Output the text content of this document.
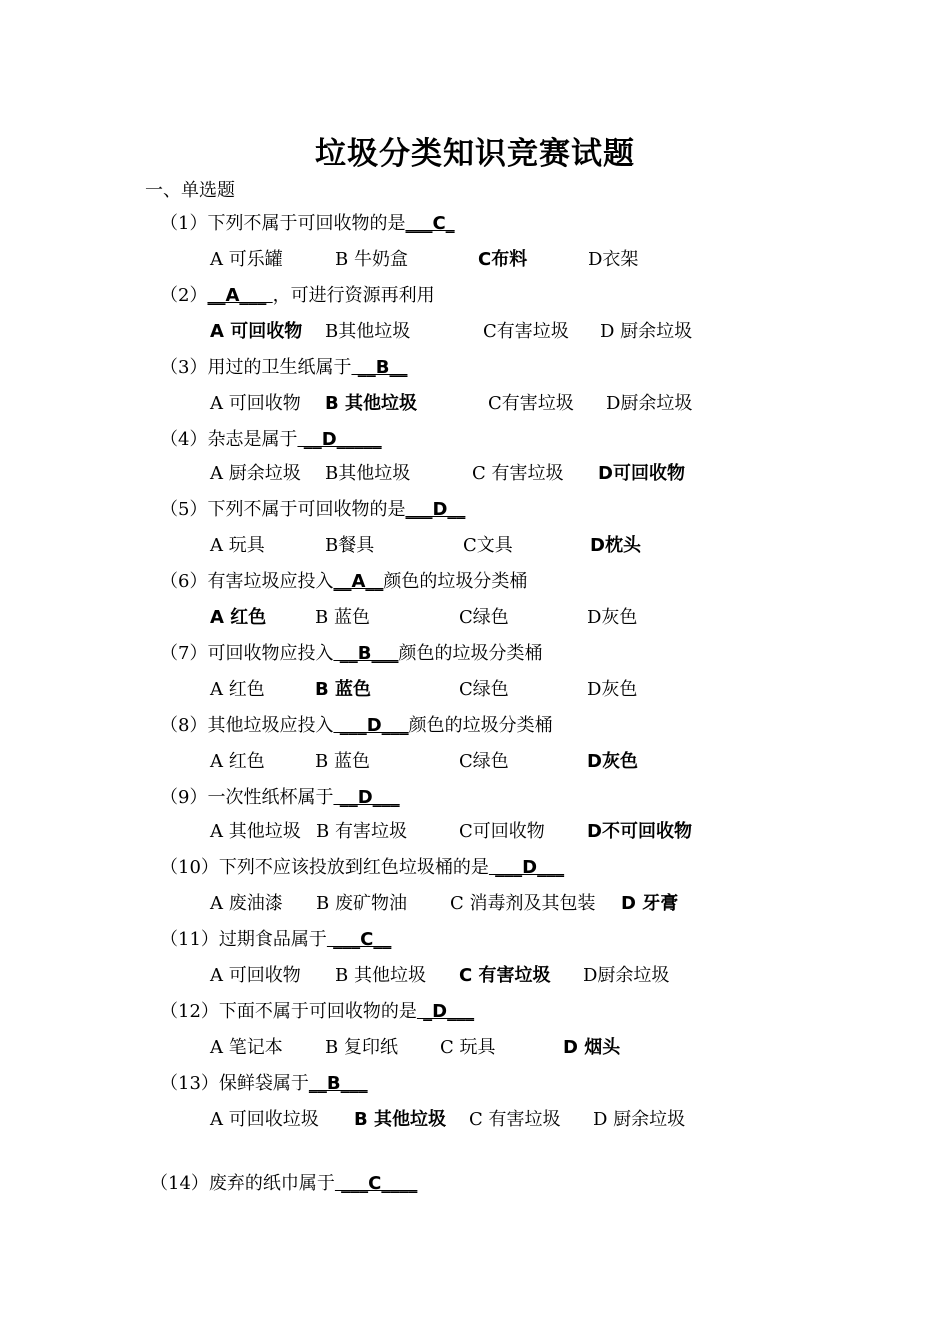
垃圾分类知识竞赛试题
一、单选题
（1）下列不属于可回收物的是___C_
A 可乐罐	B 牛奶盒	C布料	D衣架
（2）__A___ ，可进行资源再利用
A 可回收物 B其他垃圾	C有害垃圾 D 厨余垃圾
（3）用过的卫生纸属于 __B__
A 可回收物 B 其他垃圾	C有害垃圾 D厨余垃圾
（4）杂志是属于 __D_____
A 厨余垃圾 B其他垃圾	C 有害垃圾 D可回收物
（5）下列不属于可回收物的是___D__
A 玩具	B餐具	C文具	D枕头
（6）有害垃圾应投入__A__颜色的垃圾分类桶
A 红色	B 蓝色	C绿色	D灰色
（7）可回收物应投入 __B___颜色的垃圾分类桶
A 红色	B 蓝色	C绿色	D灰色
（8）其他垃圾应投入 ___D___颜色的垃圾分类桶
A 红色	B 蓝色	C绿色	D灰色
（9）一次性纸杯属于 __D___
A 其他垃圾 B 有害垃圾	C可回收物 D不可回收物
（10）下列不应该投放到红色垃圾桶的是 ___D___
A 废油漆 B 废矿物油 C 消毒剂及其包装 D 牙膏
（11）过期食品属于 ___C__
A 可回收物 B 其他垃圾 C 有害垃圾 D厨余垃圾
（12）下面不属于可回收物的是 _D___
A 笔记本 B 复印纸 C 玩具	D 烟头
（13）保鲜袋属于__B___
A 可回收垃圾 B 其他垃圾 C 有害垃圾 D 厨余垃圾
（14）废弃的纸巾属于 ___C____
